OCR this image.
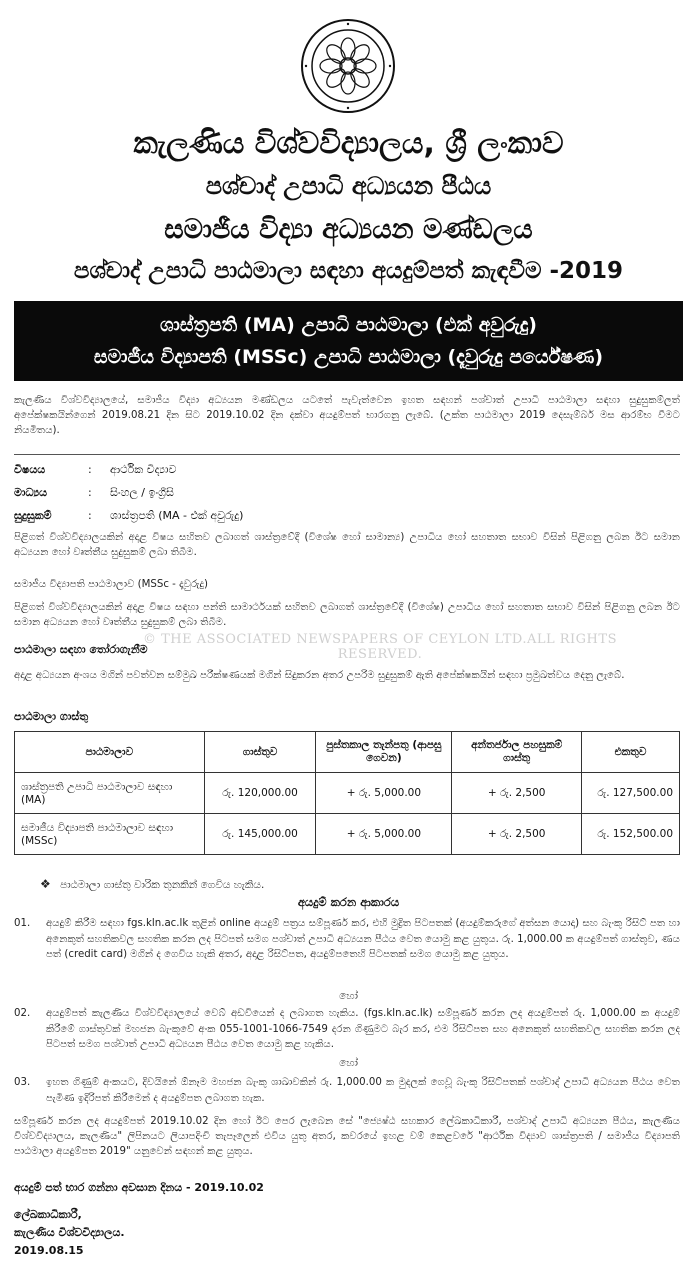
කැලණිය විශ්වවිද්‍යාලය, ශ්‍රී ලංකාව
පශ්චාද් උපාධි අධ්‍යයන පීඨය
සමාජීය විද්‍යා අධ්‍යයන මණ්ඩලය
පශ්චාද් උපාධි පාඨමාලා සඳහා අයදුම්පත් කැඳවීම -2019
ශාස්ත්‍රපති (MA) උපාධි පාඨමාලා (එක් අවුරුදු)
සමාජීය විද්‍යාපති (MSSc) උපාධි පාඨමාලා (දෑවුරුදු පර්යේෂණ)
කැලණිය විශ්වවිද්‍යාලයේ, සමාජීය විද්‍යා අධ්‍යයන මණ්ඩලය යටතේ පැවැත්වෙන ඉහත සඳහන් පශ්චාත් උපාධි පාඨමාලා සඳහා සුදුසුකම්ලත් අපේක්ෂකයින්ගෙන් 2019.08.21 දින සිට 2019.10.02 දින දක්වා අයදුම්පත් භාරගනු ලැබේ. (උක්ත පාඨමාලා 2019 දෙසැම්බර් මස ආරම්භ වීමට නියමිතය).
විෂයය	: ආර්ථික විද්‍යාව
මාධ්‍යය	: සිංහල / ඉංග්‍රීසි
සුදුසුකම්	: ශාස්ත්‍රපති (MA - එක් අවුරුදු)
පිළිගත් විශ්වවිද්‍යාලයකින් අදාළ විෂය සහිතව ලබාගත් ශාස්ත්‍රවේදී (විශේෂ හෝ සාමාන්‍ය) උපාධිය හෝ සහතාත සභාව විසින් පිළිගනු ලබන ඊට සමාන අධ්‍යයන හෝ වෘත්තීය සුදුසුකම් ලබා තිබීම.
සමාජීය විද්‍යාපති පාඨමාලාව (MSSc - දෑවුරුදු)
පිළිගත් විශ්වවිද්‍යාලයකින් අදාළ විෂය සඳහා පන්ති සාමාර්ථයක් සහිතව ලබාගත් ශාස්ත්‍රවේදී (විශේෂ) උපාධිය හෝ සහතාත සභාව විසින් පිළිගනු ලබන ඊට සමාන අධ්‍යයන හෝ වෘත්තීය සුදුසුකම් ලබා තිබීම.
© THE ASSOCIATED NEWSPAPERS OF CEYLON LTD.ALL RIGHTS RESERVED.
පාඨමාලා සඳහා තෝරාගැනීම
අදාළ අධ්‍යයන අංශය මගින් පවත්වන සම්මුඛ පරීක්ෂණයක් මගින් සිදුකරන අතර උපරිම සුදුසුකම් ඇති අපේක්ෂකයින් සඳහා ප්‍රමුඛත්වය දෙනු ලැබේ.
පාඨමාලා ගාස්තු
පාඨමාලාව	ගාස්තුව	පුස්තකාල තැන්පතු (ආපසු ගෙවන)	අන්තර්ජාල පහසුකම් ගාස්තු	එකතුව
ශාස්ත්‍රපති උපාධි පාඨමාලාව සඳහා (MA)	රු. 120,000.00	+ රු. 5,000.00	+ රු. 2,500	රු. 127,500.00
සමාජීය විද්‍යාපති පාඨමාලාව සඳහා (MSSc)	රු. 145,000.00	+ රු. 5,000.00	+ රු. 2,500	රු. 152,500.00
❖ පාඨමාලා ගාස්තු වාරික තුනකින් ගෙවිය හැකිය.
අයදුම් කරන ආකාරය
01.	අයදුම් කිරීම සඳහා fgs.kln.ac.lk තුළින් online අයදුම් පත්‍රය සම්පූර්ණ කර, එහි මුද්‍රිත පිටපතක් (අයදුම්කරුගේ අත්සන යොදා) සහ බැංකු රිසිට් පත හා අනෙකුත් සහතිකවල සහතික කරන ලද පිටපත් සමග පශ්චාත් උපාධි අධ්‍යයන පීඨය වෙත යොමු කළ යුතුය. රු. 1,000.00 ක අයදුම්පත් ගාස්තුව, ණය පත් (credit card) මගින් ද ගෙවිය හැකි අතර, අදාළ රිසිට්පත, අයදුම්පතෙහි පිටපතක් සමග යොමු කළ යුතුය.
හෝ
02.	අයදුම්පත් කැලණිය විශ්වවිද්‍යාලයේ වෙබ් අඩවියෙන් ද ලබාගත හැකිය. (fgs.kln.ac.lk) සම්පූර්ණ කරන ලද අයදුම්පත් රු. 1,000.00 ක අයදුම් කිරීමේ ගාස්තුවක් මහජන බැංකුවේ අංක 055-1001-1066-7549 දරන ගිණුමට බැර කර, එම රිසිට්පත සහ අනෙකුත් සහතිකවල සහතික කරන ලද පිටපත් සමග පශ්චාත් උපාධි අධ්‍යයන පීඨය වෙත යොමු කළ හැකිය.
හෝ
03.	ඉහත ගිණුම් අංකයට, දිවයිනේ ඕනෑම මහජන බැංකු ශාඛාවකින් රු. 1,000.00 ක මුදලක් ගෙවූ බැංකු රිසිට්පතක් පශ්චාද් උපාධි අධ්‍යයන පීඨය වෙත පැමිණ ඉදිරිපත් කිරීමෙන් ද අයදුම්පත ලබාගත හැක.
සම්පූර්ණ කරන ලද අයදුම්පත් 2019.10.02 දින හෝ ඊට පෙර ලැබෙන සේ "ජ්‍යෙෂ්ඨ සහකාර ලේඛකාධිකාරී, පශ්චාද් උපාධි අධ්‍යයන පීඨය, කැලණිය විශ්වවිද්‍යාලය, කැලණිය" ලිපිනයට ලියාපදිංචි තැපෑලෙන් එවිය යුතු අතර, කවරයේ ඉහළ වම් කෙළවරේ "ආර්ථික විද්‍යාව ශාස්ත්‍රපති / සමාජීය විද්‍යාපති පාඨමාලා අයදුම්පත 2019" යනුවෙන් සඳහන් කළ යුතුය.
අයදුම් පත් භාර ගන්නා අවසාන දිනය - 2019.10.02
ලේඛකාධිකාරී,
කැලණිය විශ්වවිද්‍යාලය.
2019.08.15
